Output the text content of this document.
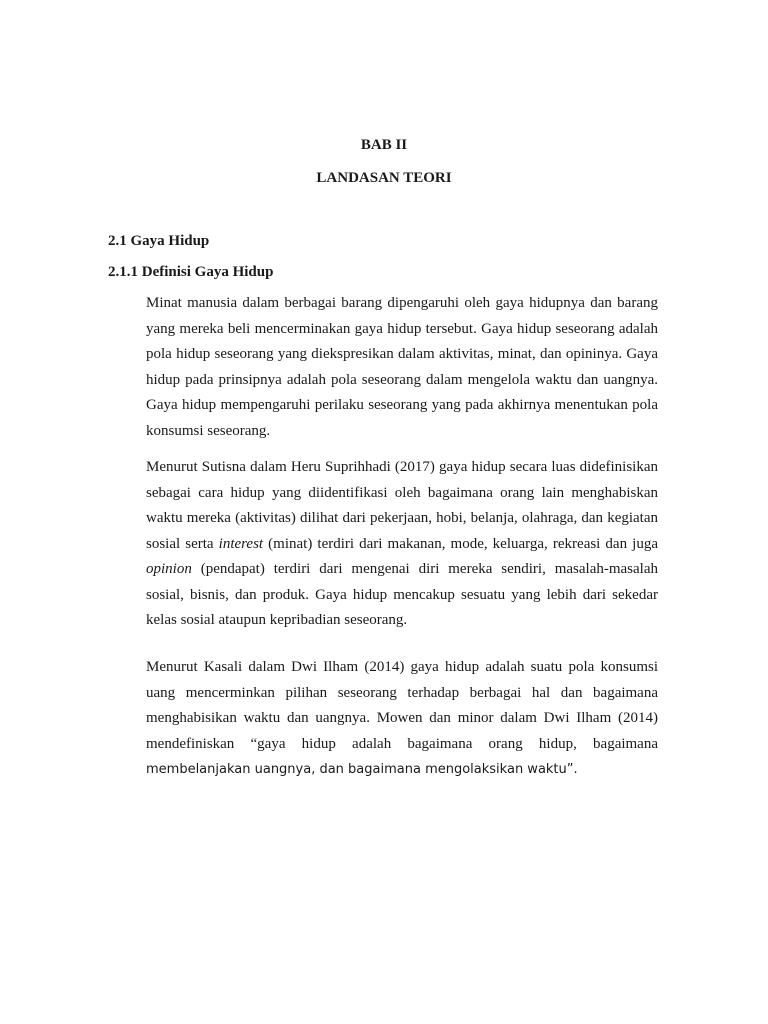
BAB II
LANDASAN TEORI
2.1 Gaya Hidup
2.1.1 Definisi Gaya Hidup

Minat manusia dalam berbagai barang dipengaruhi oleh gaya hidupnya dan barang yang mereka beli mencerminakan gaya hidup tersebut. Gaya hidup seseorang adalah pola hidup seseorang yang diekspresikan dalam aktivitas, minat, dan opininya. Gaya hidup pada prinsipnya adalah pola seseorang dalam mengelola waktu dan uangnya. Gaya hidup mempengaruhi perilaku seseorang yang pada akhirnya menentukan pola konsumsi seseorang.

Menurut Sutisna dalam Heru Suprihhadi (2017) gaya hidup secara luas didefinisikan sebagai cara hidup yang diidentifikasi oleh bagaimana orang lain menghabiskan waktu mereka (aktivitas) dilihat dari pekerjaan, hobi, belanja, olahraga, dan kegiatan sosial serta interest (minat) terdiri dari makanan, mode, keluarga, rekreasi dan juga opinion (pendapat) terdiri dari mengenai diri mereka sendiri, masalah-masalah sosial, bisnis, dan produk. Gaya hidup mencakup sesuatu yang lebih dari sekedar kelas sosial ataupun kepribadian seseorang.

Menurut Kasali dalam Dwi Ilham (2014) gaya hidup adalah suatu pola konsumsi uang mencerminkan pilihan seseorang terhadap berbagai hal dan bagaimana menghabisikan waktu dan uangnya. Mowen dan minor dalam Dwi Ilham (2014) mendefiniskan “gaya hidup adalah bagaimana orang hidup, bagaimana membelanjakan uangnya, dan bagaimana mengolaksikan waktu”.
